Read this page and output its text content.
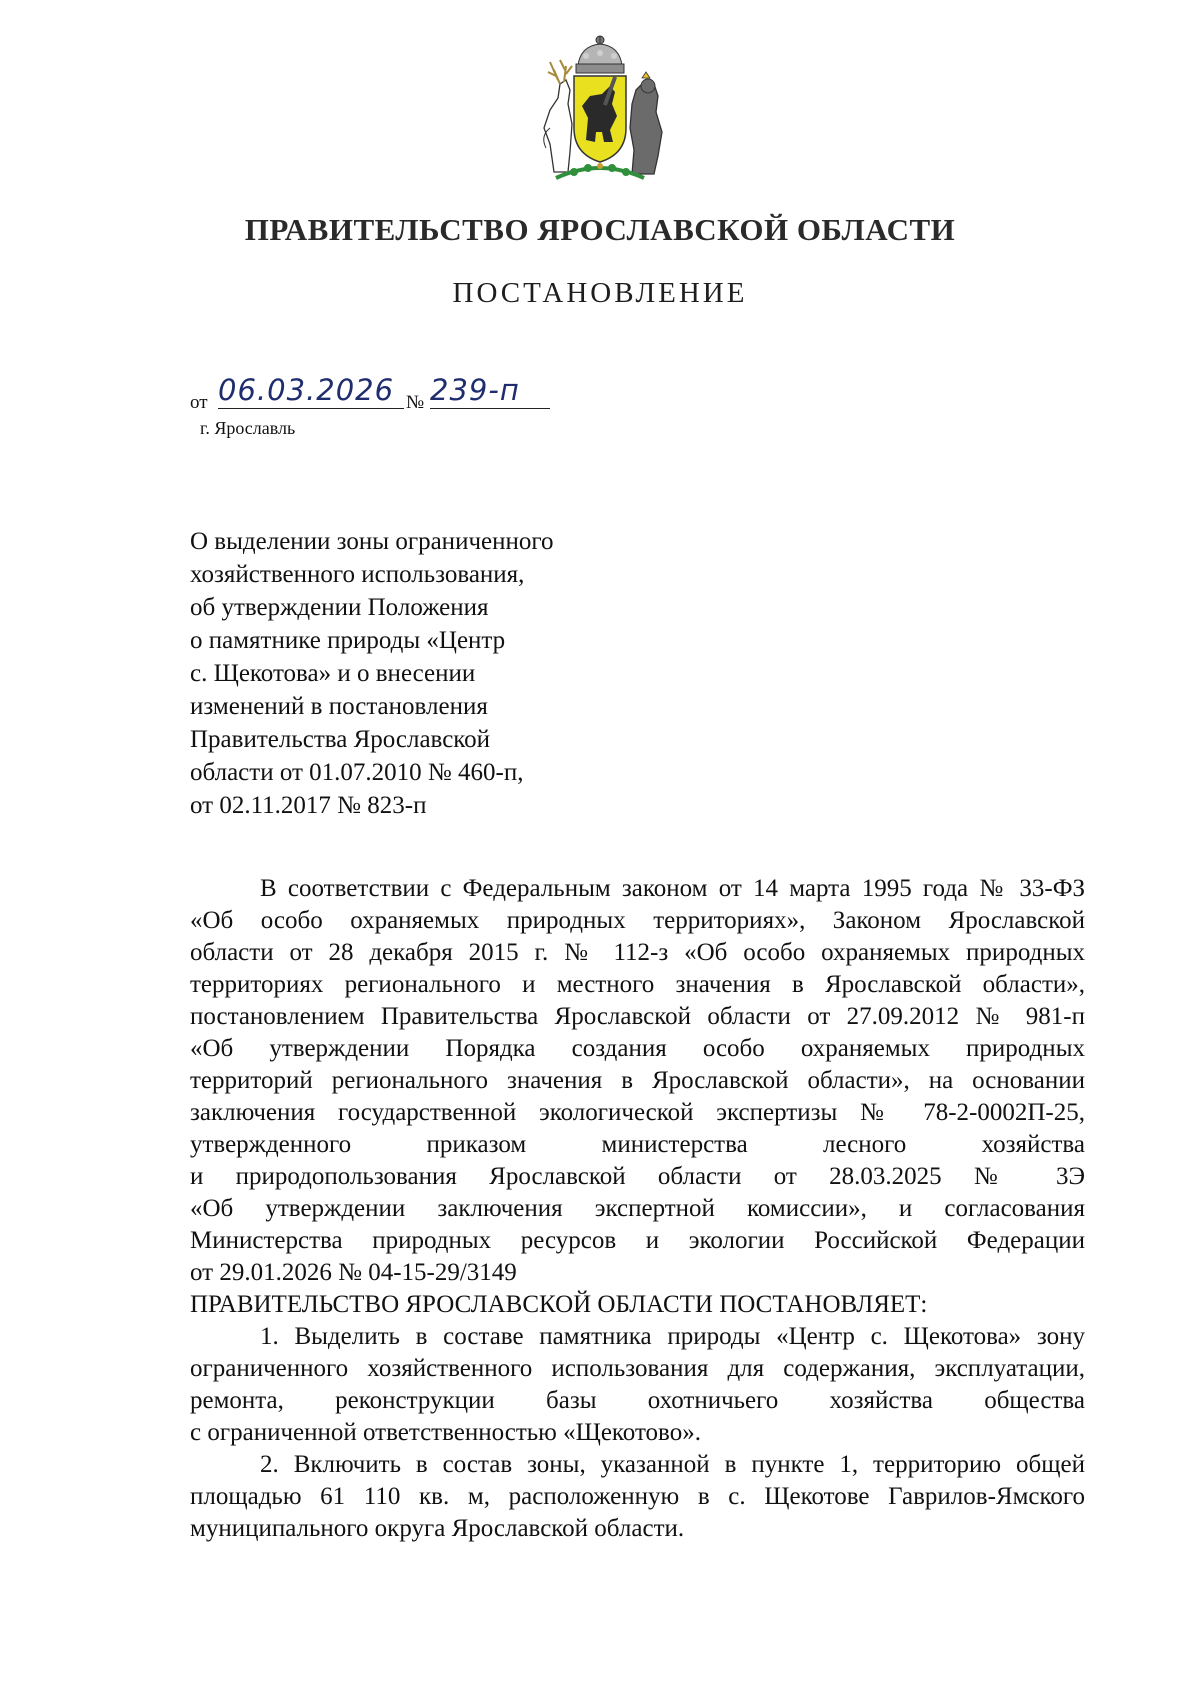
ПРАВИТЕЛЬСТВО ЯРОСЛАВСКОЙ ОБЛАСТИ
ПОСТАНОВЛЕНИЕ
от 06.03.2026 № 239-п
г. Ярославль
О выделении зоны ограниченного
хозяйственного использования,
об утверждении Положения
о памятнике природы «Центр
с. Щекотова» и о внесении
изменений в постановления
Правительства Ярославской
области от 01.07.2010 № 460-п,
от 02.11.2017 № 823-п
В соответствии с Федеральным законом от 14 марта 1995 года № 33-ФЗ
«Об особо охраняемых природных территориях», Законом Ярославской
области от 28 декабря 2015 г. № 112-з «Об особо охраняемых природных
территориях регионального и местного значения в Ярославской области»,
постановлением Правительства Ярославской области от 27.09.2012 № 981-п
«Об утверждении Порядка создания особо охраняемых природных
территорий регионального значения в Ярославской области», на основании
заключения государственной экологической экспертизы № 78-2-0002П-25,
утвержденного приказом министерства лесного хозяйства
и природопользования Ярославской области от 28.03.2025 № 3Э
«Об утверждении заключения экспертной комиссии», и согласования
Министерства природных ресурсов и экологии Российской Федерации
от 29.01.2026 № 04-15-29/3149
ПРАВИТЕЛЬСТВО ЯРОСЛАВСКОЙ ОБЛАСТИ ПОСТАНОВЛЯЕТ:
1. Выделить в составе памятника природы «Центр с. Щекотова» зону
ограниченного хозяйственного использования для содержания, эксплуатации,
ремонта, реконструкции базы охотничьего хозяйства общества
с ограниченной ответственностью «Щекотово».
2. Включить в состав зоны, указанной в пункте 1, территорию общей
площадью 61 110 кв. м, расположенную в с. Щекотове Гаврилов-Ямского
муниципального округа Ярославской области.
